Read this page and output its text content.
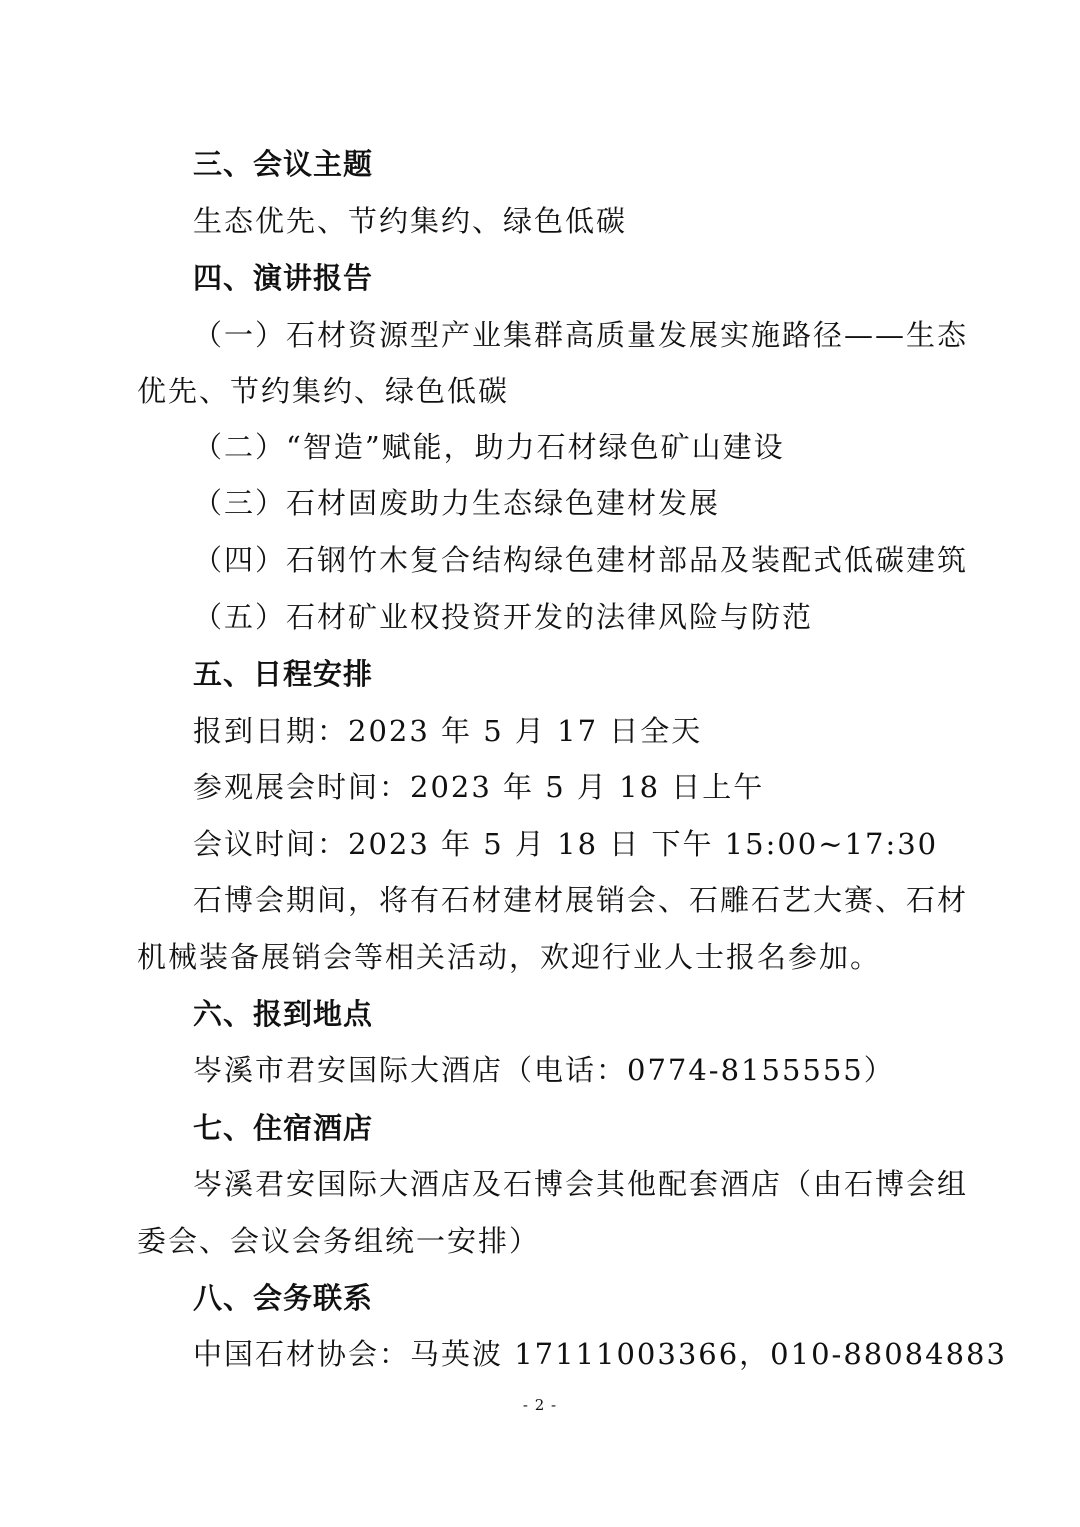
三、会议主题
生态优先、节约集约、绿色低碳
四、演讲报告
（一）石材资源型产业集群高质量发展实施路径——生态
优先、节约集约、绿色低碳
（二）“智造”赋能，助力石材绿色矿山建设
（三）石材固废助力生态绿色建材发展
（四）石钢竹木复合结构绿色建材部品及装配式低碳建筑
（五）石材矿业权投资开发的法律风险与防范
五、日程安排
报到日期：2023 年 5 月 17 日全天
参观展会时间：2023 年 5 月 18 日上午
会议时间：2023 年 5 月 18 日 下午 15:00~17:30
石博会期间，将有石材建材展销会、石雕石艺大赛、石材
机械装备展销会等相关活动，欢迎行业人士报名参加。
六、报到地点
岑溪市君安国际大酒店（电话：0774-8155555）
七、住宿酒店
岑溪君安国际大酒店及石博会其他配套酒店（由石博会组
委会、会议会务组统一安排）
八、会务联系
中国石材协会：马英波 17111003366，010-88084883
- 2 -
